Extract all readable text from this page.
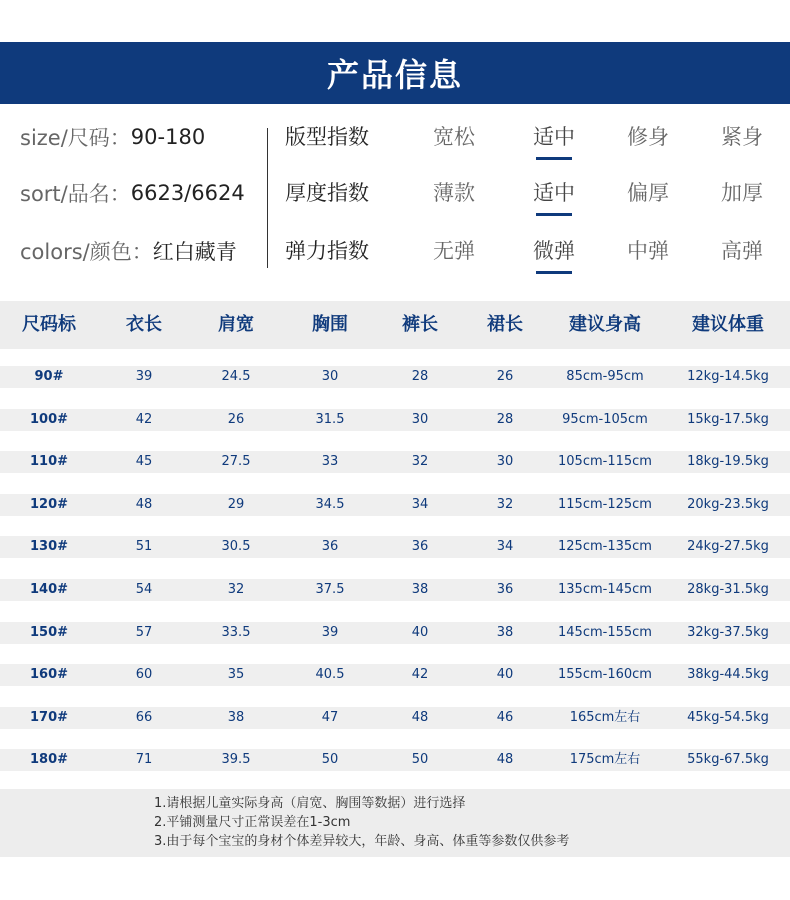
产品信息
size/尺码： 90-180
sort/品名： 6623/6624
colors/颜色： 红白藏青
版型指数	宽松	适中	修身	紧身
厚度指数	薄款	适中	偏厚	加厚
弹力指数	无弹	微弹	中弹	高弹
尺码标	衣长	肩宽	胸围	裤长	裙长	建议身高	建议体重
90#	39	24.5	30	28	26	85cm-95cm	12kg-14.5kg
100#	42	26	31.5	30	28	95cm-105cm	15kg-17.5kg
110#	45	27.5	33	32	30	105cm-115cm	18kg-19.5kg
120#	48	29	34.5	34	32	115cm-125cm	20kg-23.5kg
130#	51	30.5	36	36	34	125cm-135cm	24kg-27.5kg
140#	54	32	37.5	38	36	135cm-145cm	28kg-31.5kg
150#	57	33.5	39	40	38	145cm-155cm	32kg-37.5kg
160#	60	35	40.5	42	40	155cm-160cm	38kg-44.5kg
170#	66	38	47	48	46	165cm左右	45kg-54.5kg
180#	71	39.5	50	50	48	175cm左右	55kg-67.5kg
1.请根据儿童实际身高（肩宽、胸围等数据）进行选择
2.平铺测量尺寸正常误差在1-3cm
3.由于每个宝宝的身材个体差异较大，年龄、身高、体重等参数仅供参考
